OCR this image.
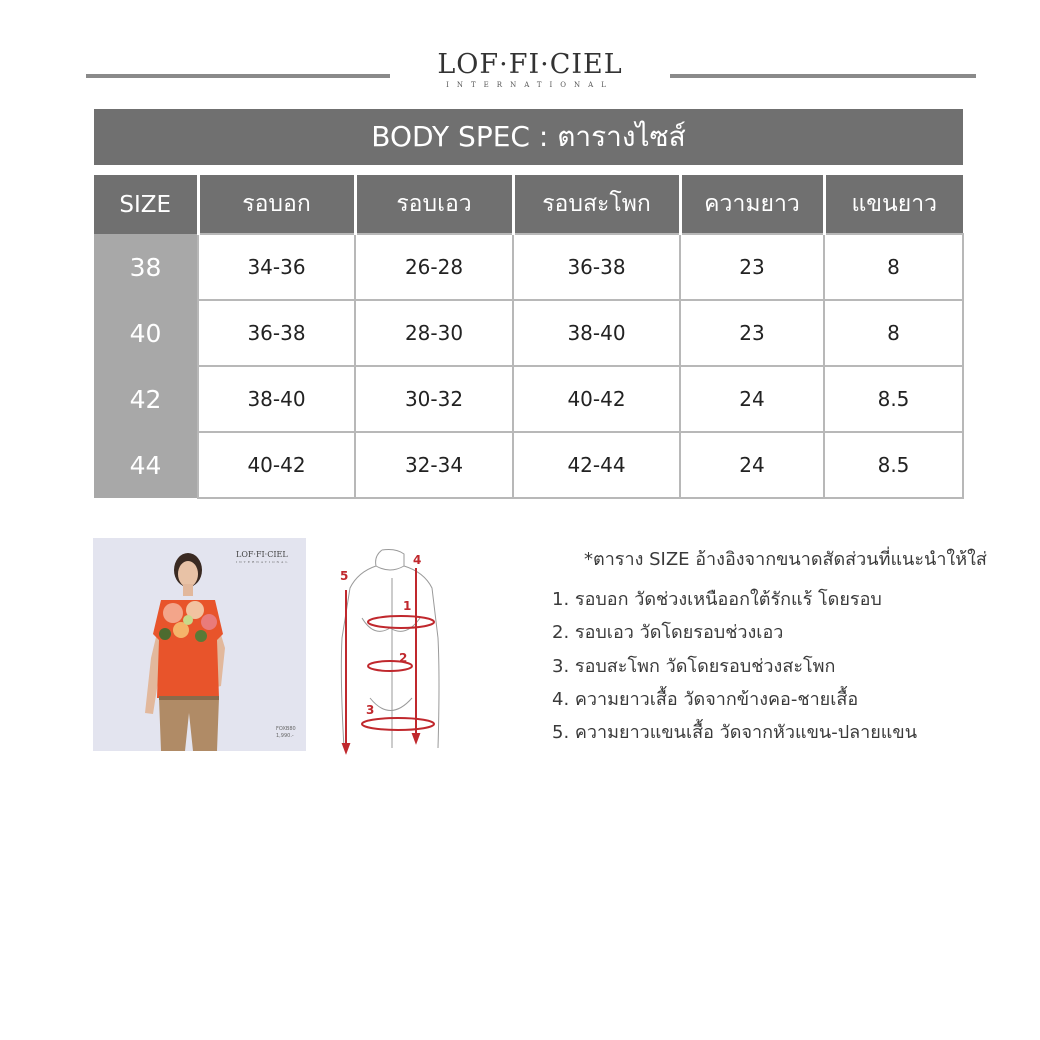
LOF·FI·CIEL
INTERNATIONAL
BODY SPEC : ตารางไซส์
SIZE	รอบอก	รอบเอว	รอบสะโพก	ความยาว	แขนยาว
38	34-36	26-28	36-38	23	8
40	36-38	28-30	38-40	23	8
42	38-40	30-32	40-42	24	8.5
44	40-42	32-34	42-44	24	8.5
LOF·FI·CIEL
INTERNATIONAL
FOXB80
1,990.-
1
2
3
4
5
*ตาราง SIZE อ้างอิงจากขนาดสัดส่วนที่แนะนำให้ใส่
1. รอบอก วัดช่วงเหนืออกใต้รักแร้ โดยรอบ
2. รอบเอว วัดโดยรอบช่วงเอว
3. รอบสะโพก วัดโดยรอบช่วงสะโพก
4. ความยาวเสื้อ วัดจากข้างคอ-ชายเสื้อ
5. ความยาวแขนเสื้อ วัดจากหัวแขน-ปลายแขน
